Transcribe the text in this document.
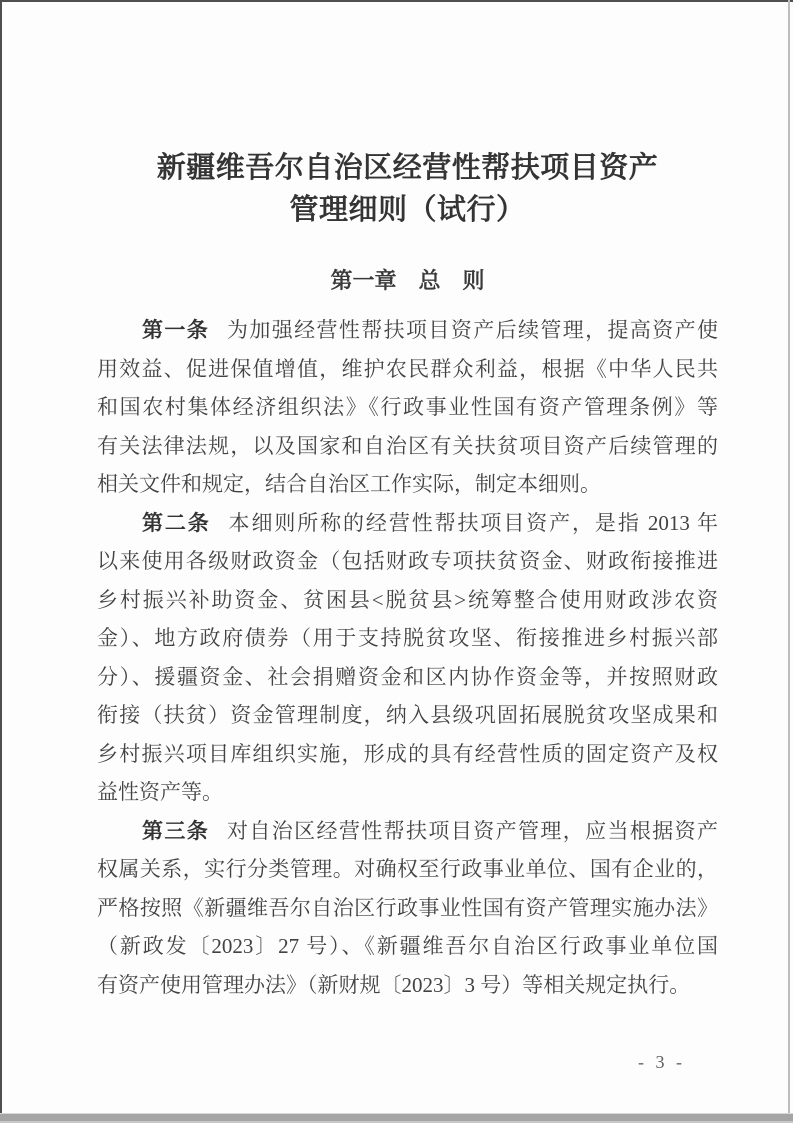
新疆维吾尔自治区经营性帮扶项目资产
管理细则（试行）
第一章　总　则
第一条 为加强经营性帮扶项目资产后续管理，提高资产使
用效益、促进保值增值，维护农民群众利益，根据《中华人民共
和国农村集体经济组织法》《行政事业性国有资产管理条例》等
有关法律法规，以及国家和自治区有关扶贫项目资产后续管理的
相关文件和规定，结合自治区工作实际，制定本细则。
第二条 本细则所称的经营性帮扶项目资产，是指 2013 年
以来使用各级财政资金（包括财政专项扶贫资金、财政衔接推进
乡村振兴补助资金、贫困县<脱贫县>统筹整合使用财政涉农资
金）、地方政府债券（用于支持脱贫攻坚、衔接推进乡村振兴部
分）、援疆资金、社会捐赠资金和区内协作资金等，并按照财政
衔接（扶贫）资金管理制度，纳入县级巩固拓展脱贫攻坚成果和
乡村振兴项目库组织实施，形成的具有经营性质的固定资产及权
益性资产等。
第三条 对自治区经营性帮扶项目资产管理，应当根据资产
权属关系，实行分类管理。对确权至行政事业单位、国有企业的，
严格按照《新疆维吾尔自治区行政事业性国有资产管理实施办法》
（新政发〔2023〕27 号）、《新疆维吾尔自治区行政事业单位国
有资产使用管理办法》（新财规〔2023〕3 号）等相关规定执行。
- 3 -
